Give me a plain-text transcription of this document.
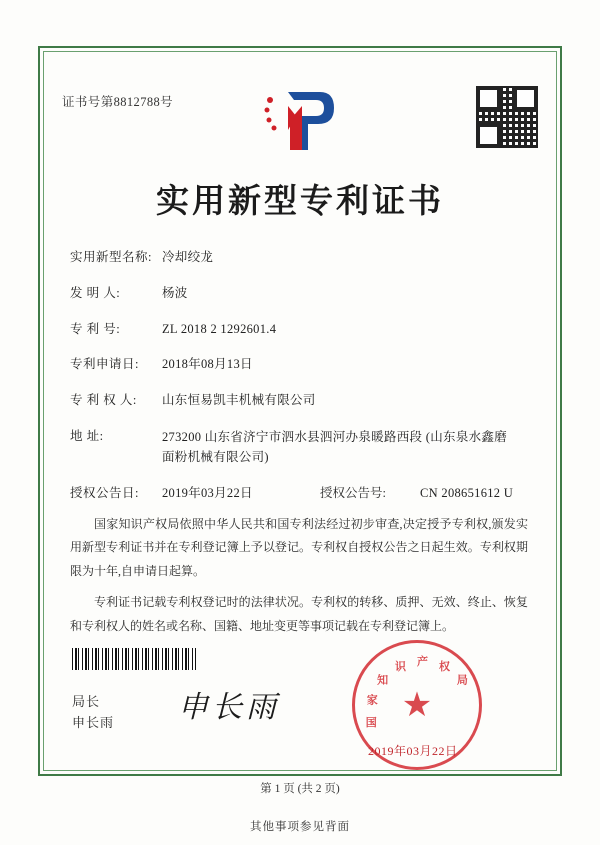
证书号第8812788号
实用新型专利证书
实用新型名称: 冷却绞龙
发 明 人:	杨波
专 利 号:	ZL 2018 2 1292601.4
专利申请日:	2018年08月13日
专 利 权 人:	山东恒易凯丰机械有限公司
地 址:	273200 山东省济宁市泗水县泗河办泉暖路西段 (山东泉水鑫磨面粉机械有限公司)
授权公告日:	2019年03月22日	授权公告号:	CN 208651612 U

国家知识产权局依照中华人民共和国专利法经过初步审查,决定授予专利权,颁发实用新型专利证书并在专利登记簿上予以登记。专利权自授权公告之日起生效。专利权期限为十年,自申请日起算。

专利证书记载专利权登记时的法律状况。专利权的转移、质押、无效、终止、恢复和专利权人的姓名或名称、国籍、地址变更等事项记载在专利登记簿上。

★
国
家
知
识 产 权
局
2019年03月22日
局长
申长雨 申长雨
第 1 页 (共 2 页)
其他事项参见背面
